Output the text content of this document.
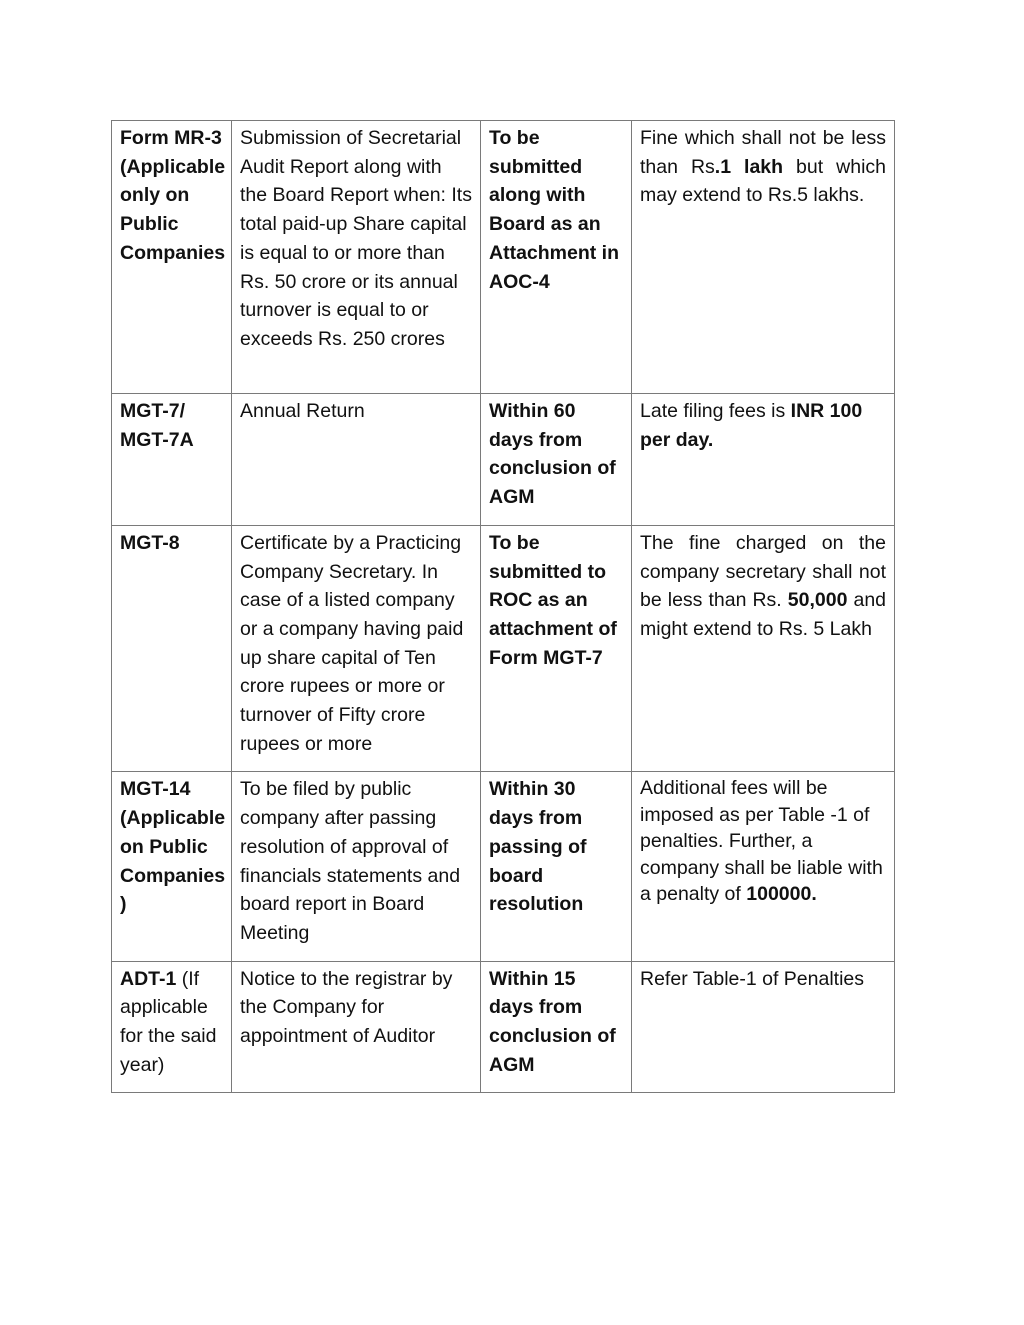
Form MR-3 (Applicable only on Public Companies	Submission of Secretarial Audit Report along with the Board Report when: Its total paid-up Share capital is equal to or more than Rs. 50 crore or its annual turnover is equal to or exceeds Rs. 250 crores	To be submitted along with Board as an Attachment in AOC-4	Fine which shall not be less than Rs.1 lakh but which may extend to Rs.5 lakhs.
MGT-7/ MGT-7A	Annual Return	Within 60 days from conclusion of AGM	Late filing fees is INR 100 per day.
MGT-8	Certificate by a Practicing Company Secretary. In case of a listed company or a company having paid up share capital of Ten crore rupees or more or turnover of Fifty crore rupees or more	To be submitted to ROC as an attachment of Form MGT-7	The fine charged on the company secretary shall not be less than Rs. 50,000 and might extend to Rs. 5 Lakh
MGT-14 (Applicable on Public Companies )	To be filed by public company after passing resolution of approval of financials statements and board report in Board Meeting	Within 30 days from passing of board resolution	Additional fees will be imposed as per Table -1 of penalties. Further, a company shall be liable with a penalty of 100000.
ADT-1 (If applicable for the said year)	Notice to the registrar by the Company for appointment of Auditor	Within 15 days from conclusion of AGM	Refer Table-1 of Penalties
